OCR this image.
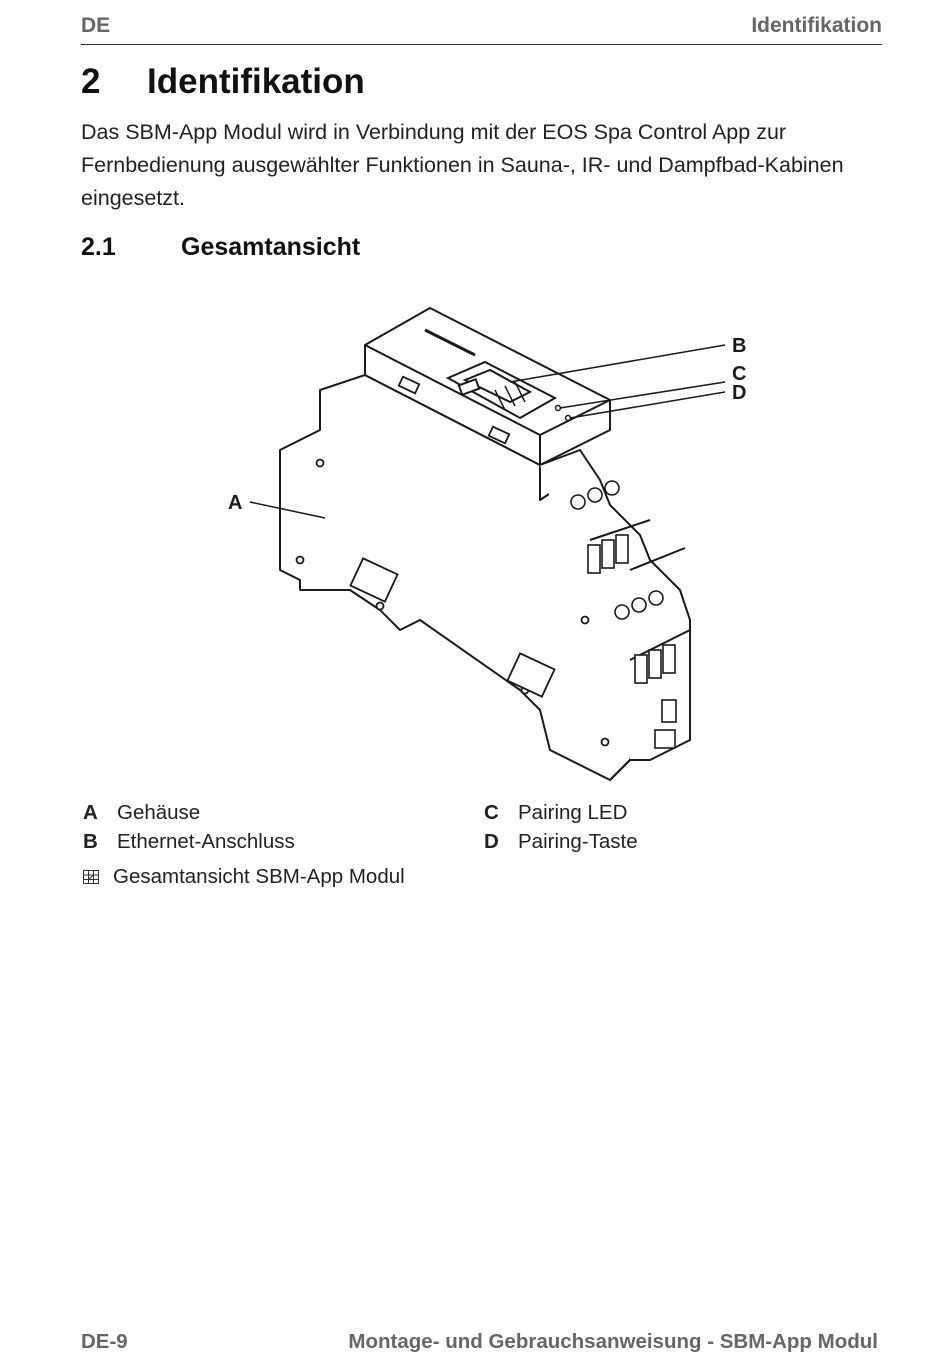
DE	Identifikation
2 Identifikation
Das SBM-App Modul wird in Verbindung mit der EOS Spa Control App zur Fernbedienung ausgewählter Funktionen in Sauna-, IR- und Dampfbad-Kabinen eingesetzt.
2.1	Gesamtansicht
A
B
C
D
A Gehäuse
B Ethernet-Anschluss
C Pairing LED
D Pairing-Taste
Gesamtansicht SBM-App Modul
DE-9	Montage- und Gebrauchsanweisung - SBM-App Modul
